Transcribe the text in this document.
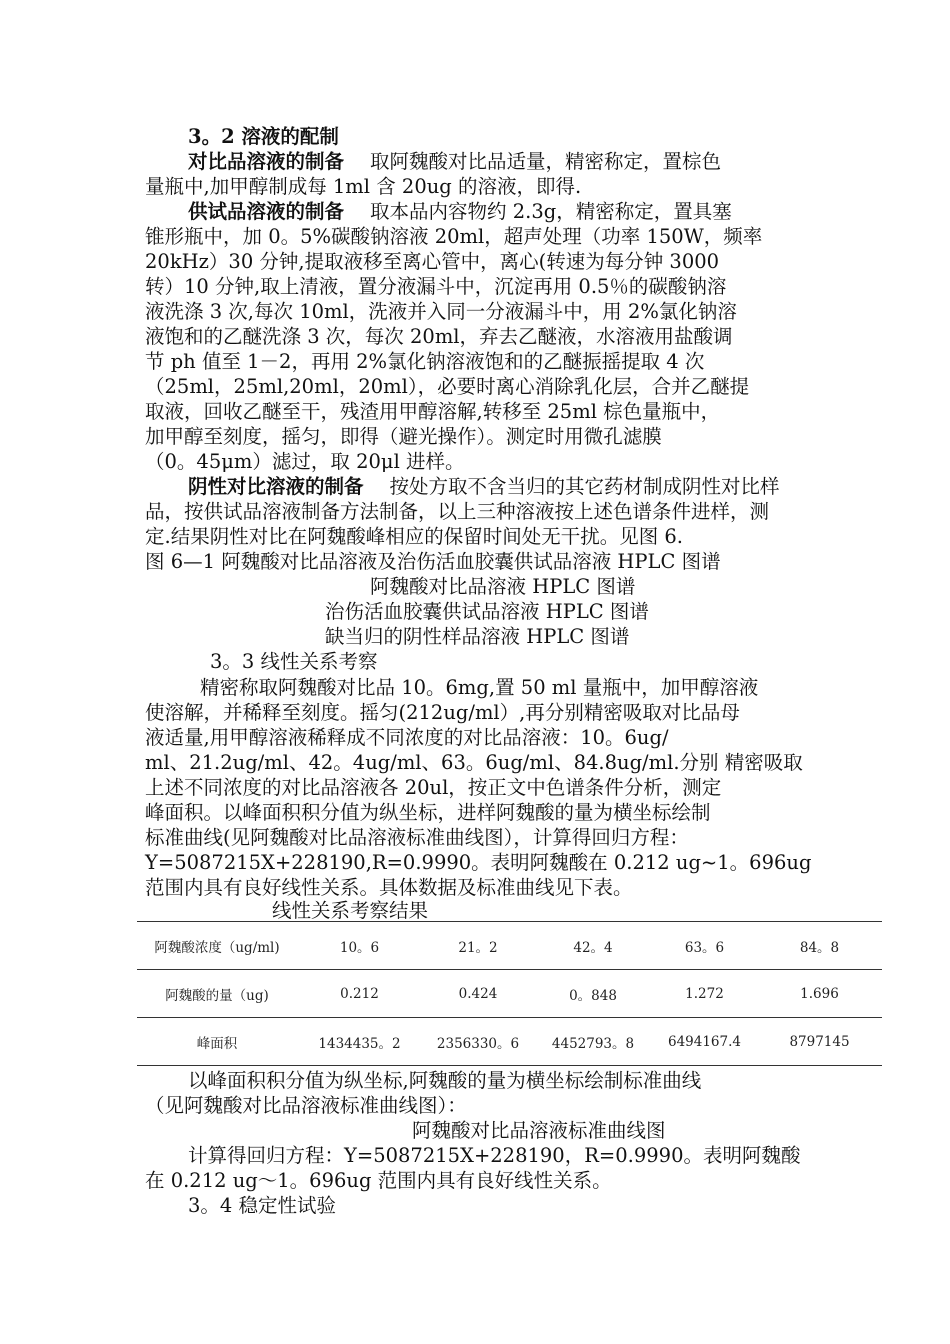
3。2 溶液的配制
对比品溶液的制备 取阿魏酸对比品适量，精密称定，置棕色
量瓶中,加甲醇制成每 1ml 含 20ug 的溶液，即得.
供试品溶液的制备 取本品内容物约 2.3g，精密称定，置具塞
锥形瓶中，加 0。5%碳酸钠溶液 20ml，超声处理（功率 150W，频率
20kHz）30 分钟,提取液移至离心管中，离心(转速为每分钟 3000
转）10 分钟,取上清液，置分液漏斗中，沉淀再用 0.5％的碳酸钠溶
液洗涤 3 次,每次 10ml，洗液并入同一分液漏斗中，用 2%氯化钠溶
液饱和的乙醚洗涤 3 次，每次 20ml，弃去乙醚液，水溶液用盐酸调
节 ph 值至 1－2，再用 2%氯化钠溶液饱和的乙醚振摇提取 4 次
（25ml，25ml,20ml，20ml），必要时离心消除乳化层，合并乙醚提
取液，回收乙醚至干，残渣用甲醇溶解,转移至 25ml 棕色量瓶中，
加甲醇至刻度，摇匀，即得（避光操作）。测定时用微孔滤膜
（0。45μm）滤过，取 20μl 进样。
阴性对比溶液的制备 按处方取不含当归的其它药材制成阴性对比样
品，按供试品溶液制备方法制备，以上三种溶液按上述色谱条件进样，测
定.结果阴性对比在阿魏酸峰相应的保留时间处无干扰。见图 6.
图 6—1 阿魏酸对比品溶液及治伤活血胶囊供试品溶液 HPLC 图谱
阿魏酸对比品溶液 HPLC 图谱
治伤活血胶囊供试品溶液 HPLC 图谱
缺当归的阴性样品溶液 HPLC 图谱
3。3 线性关系考察
精密称取阿魏酸对比品 10。6mg,置 50 ml 量瓶中，加甲醇溶液
使溶解，并稀释至刻度。摇匀(212ug/ml）,再分别精密吸取对比品母
液适量,用甲醇溶液稀释成不同浓度的对比品溶液：10。6ug/
ml、21.2ug/ml、42。4ug/ml、63。6ug/ml、84.8ug/ml.分别 精密吸取
上述不同浓度的对比品溶液各 20ul，按正文中色谱条件分析，测定
峰面积。以峰面积积分值为纵坐标，进样阿魏酸的量为横坐标绘制
标准曲线(见阿魏酸对比品溶液标准曲线图），计算得回归方程：
Y=5087215X+228190,R=0.9990。表明阿魏酸在 0.212 ug~1。696ug
范围内具有良好线性关系。具体数据及标准曲线见下表。
线性关系考察结果
阿魏酸浓度（ug/ml)	10。6	21。2	42。4	63。6	84。8
阿魏酸的量（ug)	0.212	0.424	0。848	1.272	1.696
峰面积	1434435。2	2356330。6	4452793。8	6494167.4	8797145
以峰面积积分值为纵坐标,阿魏酸的量为横坐标绘制标准曲线
（见阿魏酸对比品溶液标准曲线图）：
阿魏酸对比品溶液标准曲线图
计算得回归方程：Y=5087215X+228190，R=0.9990。表明阿魏酸
在 0.212 ug～1。696ug 范围内具有良好线性关系。
3。4 稳定性试验
